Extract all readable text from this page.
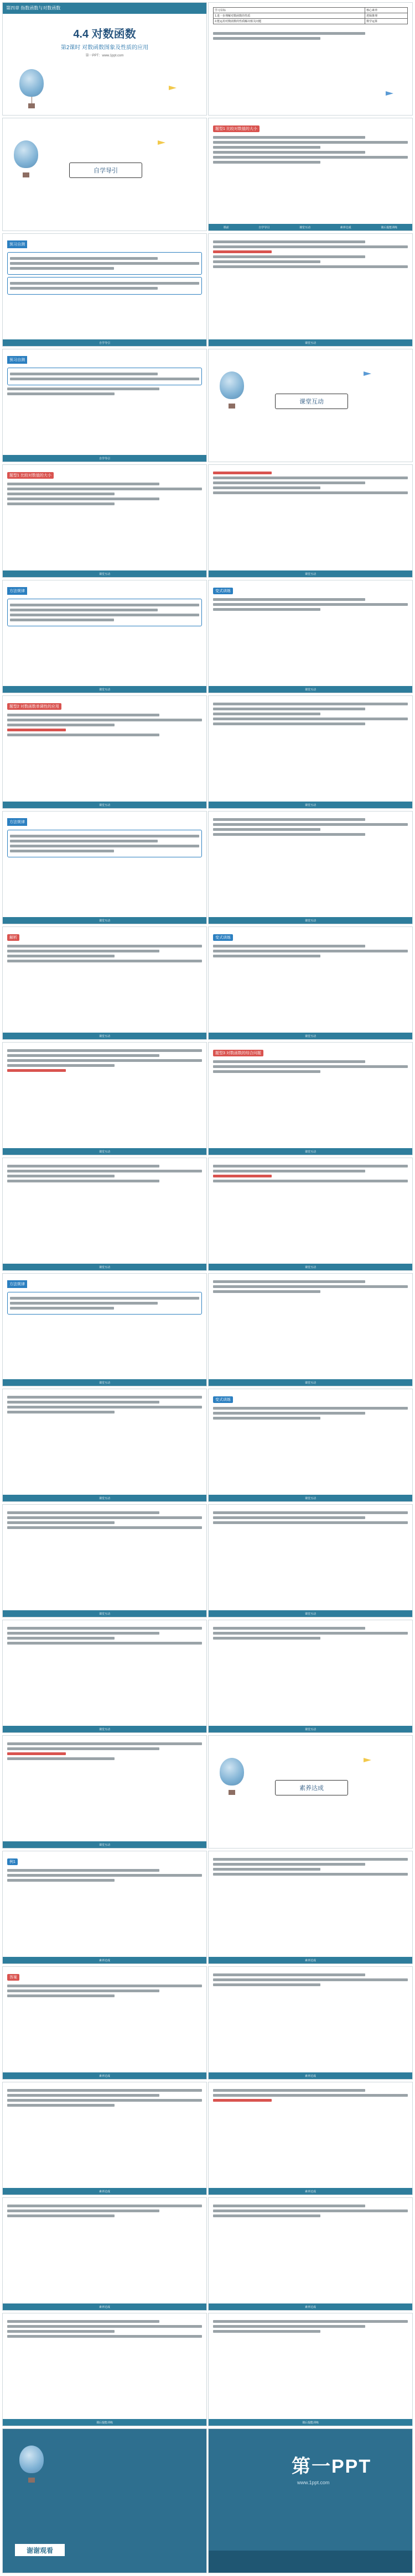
第四章 指数函数与对数函数
4.4 对数函数
第2课时 对数函数图象及性质的应用
第一PPT：www.1ppt.com
学习目标	核心素养
1.进一步理解对数函数的性质	逻辑推理
2.能运用对数函数的性质解决相关问题	数学运算
自学导引
题型1 比较对数值的大小
课前	自学导引	课堂互动	素养达成	课后提能训练
预习自测
自学导引	课堂互动
预习自测
自学导引
课堂互动
题型1 比较对数值的大小
课堂互动	课堂互动
方法规律
课堂互动
变式训练
课堂互动
题型2 对数函数单调性的应用
课堂互动	课堂互动
方法规律
课堂互动	课堂互动
解析
课堂互动
变式训练
课堂互动
课堂互动
题型3 对数函数的综合问题
课堂互动
课堂互动	课堂互动
方法规律
课堂互动	课堂互动
课堂互动
变式训练
课堂互动
课堂互动	课堂互动
课堂互动	课堂互动
课堂互动
素养达成
例1
素养达成	素养达成
答案
素养达成	素养达成
素养达成	素养达成
素养达成	素养达成
课后提能训练	课后提能训练
谢谢观看
第一PPT
www.1ppt.com
